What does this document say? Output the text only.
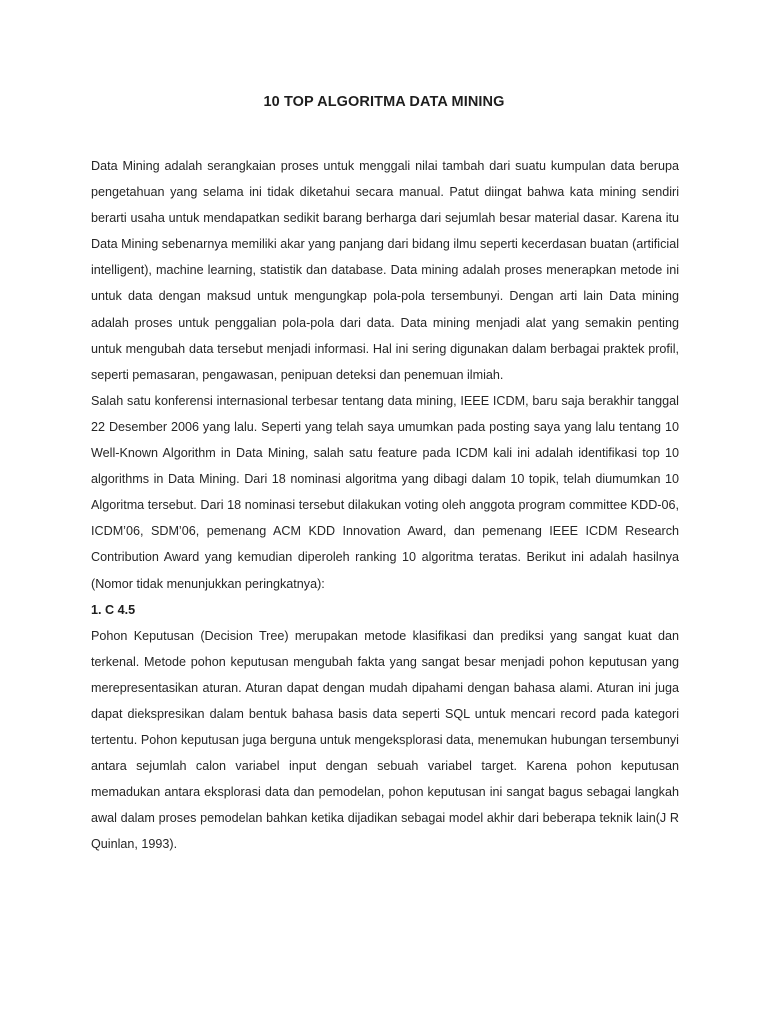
10 TOP ALGORITMA DATA MINING

Data Mining adalah serangkaian proses untuk menggali nilai tambah dari suatu kumpulan data berupa pengetahuan yang selama ini tidak diketahui secara manual. Patut diingat bahwa kata mining sendiri berarti usaha untuk mendapatkan sedikit barang berharga dari sejumlah besar material dasar. Karena itu Data Mining sebenarnya memiliki akar yang panjang dari bidang ilmu seperti kecerdasan buatan (artificial intelligent), machine learning, statistik dan database. Data mining adalah proses menerapkan metode ini untuk data dengan maksud untuk mengungkap pola-pola tersembunyi. Dengan arti lain Data mining adalah proses untuk penggalian pola-pola dari data. Data mining menjadi alat yang semakin penting untuk mengubah data tersebut menjadi informasi. Hal ini sering digunakan dalam berbagai praktek profil, seperti pemasaran, pengawasan, penipuan deteksi dan penemuan ilmiah.

Salah satu konferensi internasional terbesar tentang data mining, IEEE ICDM, baru saja berakhir tanggal 22 Desember 2006 yang lalu. Seperti yang telah saya umumkan pada posting saya yang lalu tentang 10 Well-Known Algorithm in Data Mining, salah satu feature pada ICDM kali ini adalah identifikasi top 10 algorithms in Data Mining. Dari 18 nominasi algoritma yang dibagi dalam 10 topik, telah diumumkan 10 Algoritma tersebut. Dari 18 nominasi tersebut dilakukan voting oleh anggota program committee KDD-06, ICDM’06, SDM’06, pemenang ACM KDD Innovation Award, dan pemenang IEEE ICDM Research Contribution Award yang kemudian diperoleh ranking 10 algoritma teratas. Berikut ini adalah hasilnya (Nomor tidak menunjukkan peringkatnya):

1. C 4.5

Pohon Keputusan (Decision Tree) merupakan metode klasifikasi dan prediksi yang sangat kuat dan terkenal. Metode pohon keputusan mengubah fakta yang sangat besar menjadi pohon keputusan yang merepresentasikan aturan. Aturan dapat dengan mudah dipahami dengan bahasa alami. Aturan ini juga dapat diekspresikan dalam bentuk bahasa basis data seperti SQL untuk mencari record pada kategori tertentu. Pohon keputusan juga berguna untuk mengeksplorasi data, menemukan hubungan tersembunyi antara sejumlah calon variabel input dengan sebuah variabel target. Karena pohon keputusan memadukan antara eksplorasi data dan pemodelan, pohon keputusan ini sangat bagus sebagai langkah awal dalam proses pemodelan bahkan ketika dijadikan sebagai model akhir dari beberapa teknik lain(J R Quinlan, 1993).
